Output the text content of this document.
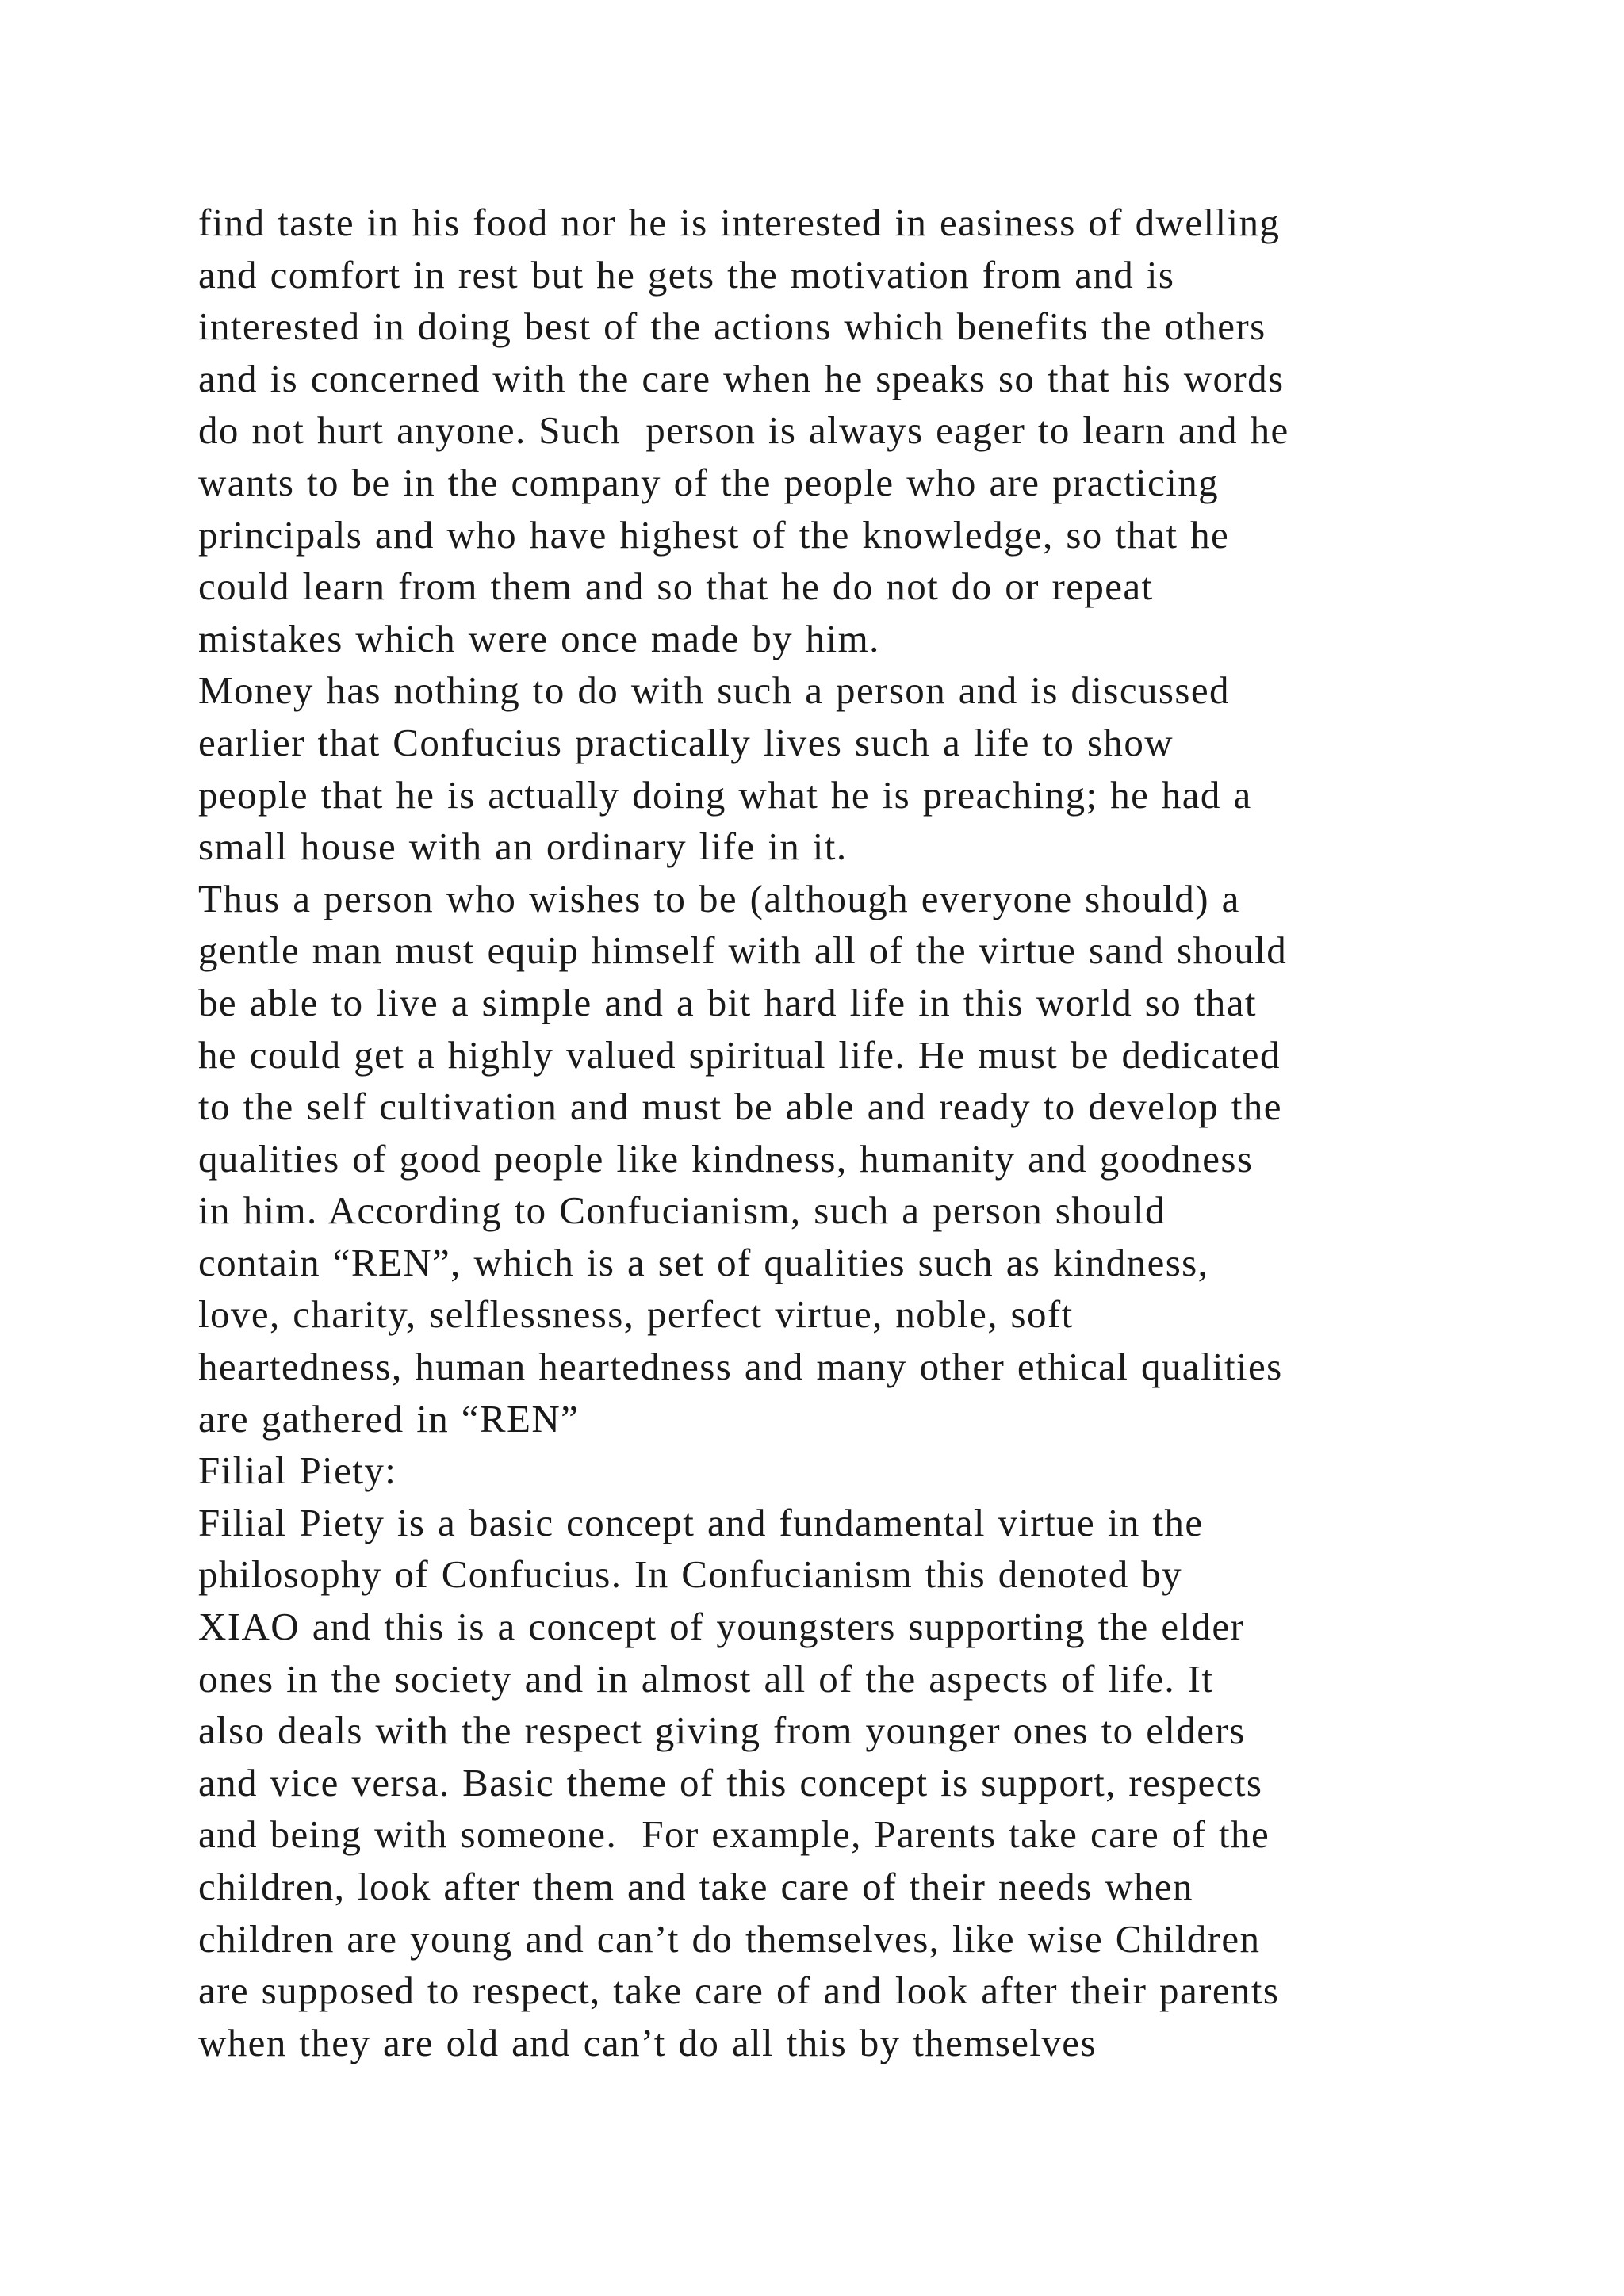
find taste in his food nor he is interested in easiness of dwelling
and comfort in rest but he gets the motivation from and is
interested in doing best of the actions which benefits the others
and is concerned with the care when he speaks so that his words
do not hurt anyone. Such  person is always eager to learn and he
wants to be in the company of the people who are practicing
principals and who have highest of the knowledge, so that he
could learn from them and so that he do not do or repeat
mistakes which were once made by him.
Money has nothing to do with such a person and is discussed
earlier that Confucius practically lives such a life to show
people that he is actually doing what he is preaching; he had a
small house with an ordinary life in it.
Thus a person who wishes to be (although everyone should) a
gentle man must equip himself with all of the virtue sand should
be able to live a simple and a bit hard life in this world so that
he could get a highly valued spiritual life. He must be dedicated
to the self cultivation and must be able and ready to develop the
qualities of good people like kindness, humanity and goodness
in him. According to Confucianism, such a person should
contain “REN”, which is a set of qualities such as kindness,
love, charity, selflessness, perfect virtue, noble, soft
heartedness, human heartedness and many other ethical qualities
are gathered in “REN”
Filial Piety:
Filial Piety is a basic concept and fundamental virtue in the
philosophy of Confucius. In Confucianism this denoted by
XIAO and this is a concept of youngsters supporting the elder
ones in the society and in almost all of the aspects of life. It
also deals with the respect giving from younger ones to elders
and vice versa. Basic theme of this concept is support, respects
and being with someone.  For example, Parents take care of the
children, look after them and take care of their needs when
children are young and can’t do themselves, like wise Children
are supposed to respect, take care of and look after their parents
when they are old and can’t do all this by themselves
